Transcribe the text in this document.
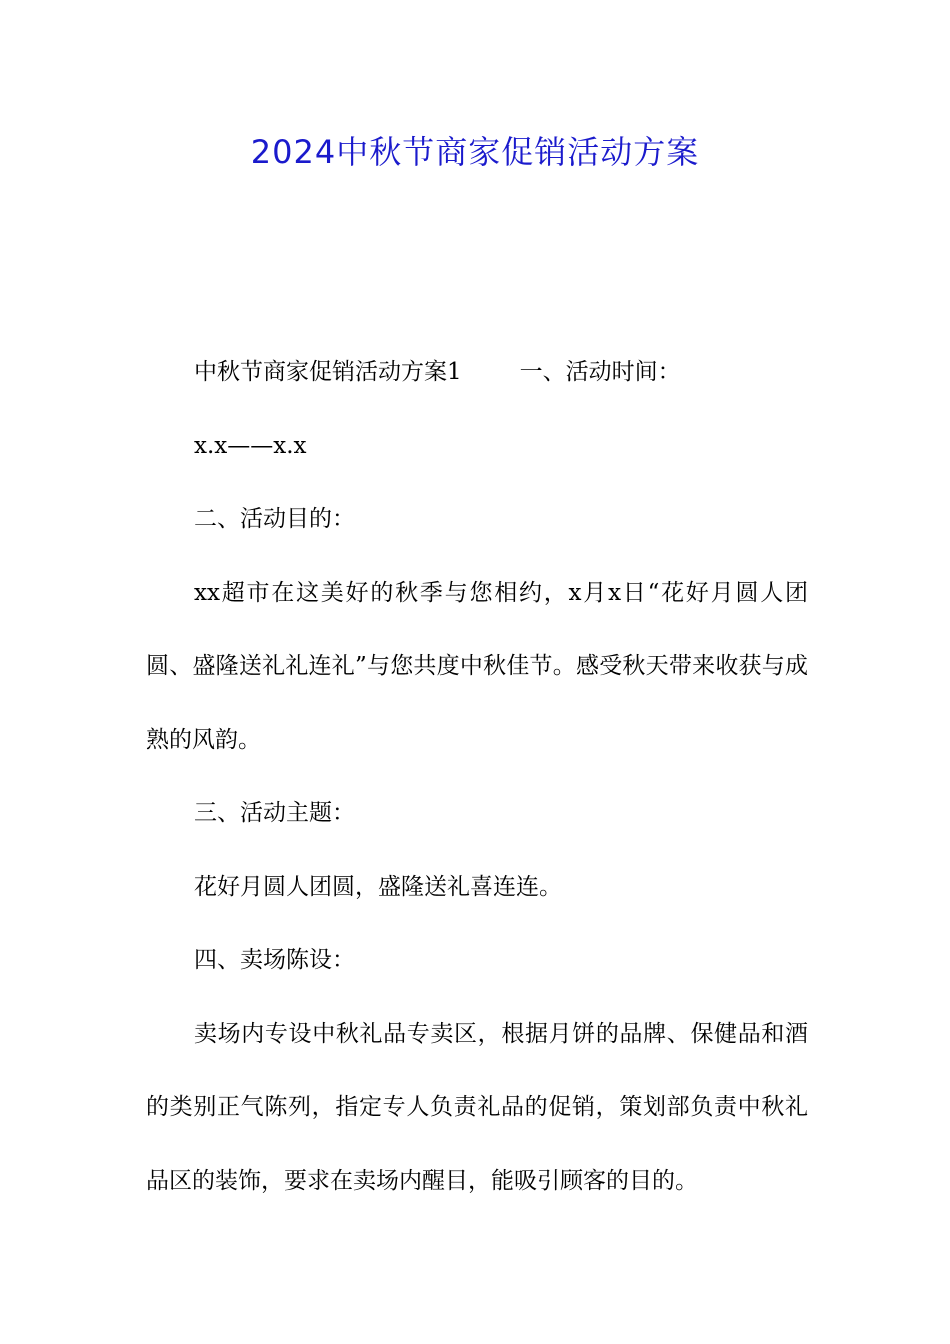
2024中秋节商家促销活动方案

中秋节商家促销活动方案1	一、活动时间：

x.x——x.x

二、活动目的：

xx超市在这美好的秋季与您相约，x月x日“花好月圆人团圆、盛隆送礼礼连礼”与您共度中秋佳节。感受秋天带来收获与成熟的风韵。

三、活动主题：

花好月圆人团圆，盛隆送礼喜连连。

四、卖场陈设：

卖场内专设中秋礼品专卖区，根据月饼的品牌、保健品和酒的类别正气陈列，指定专人负责礼品的促销，策划部负责中秋礼品区的装饰，要求在卖场内醒目，能吸引顾客的目的。
